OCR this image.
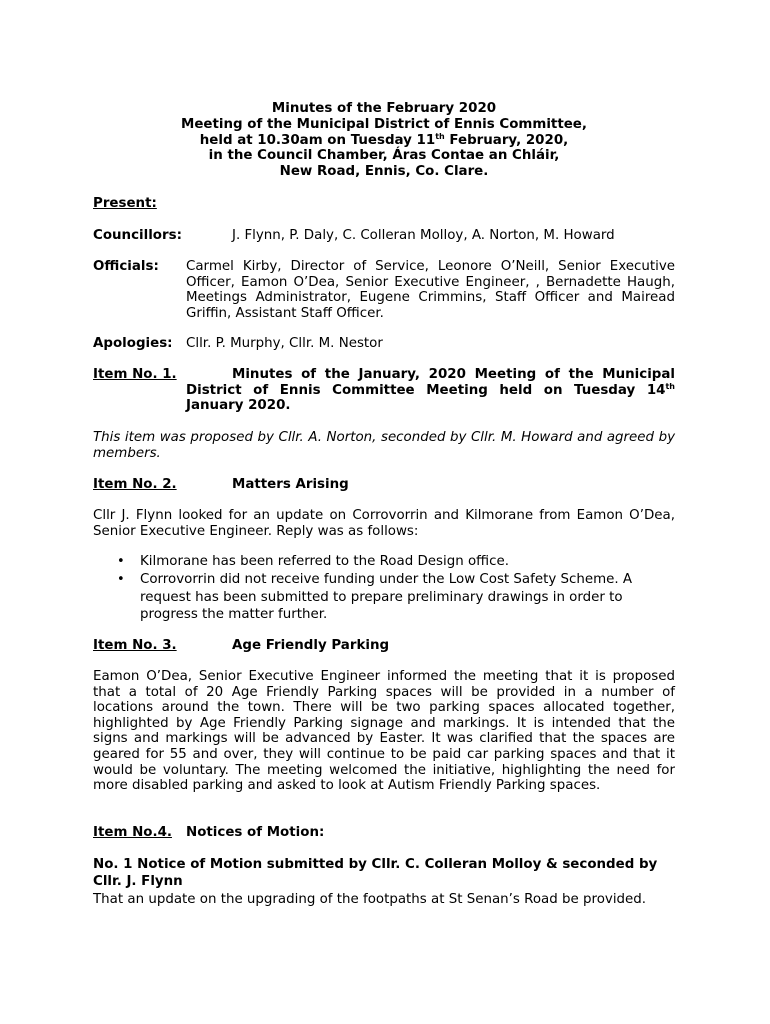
Minutes of the February 2020
Meeting of the Municipal District of Ennis Committee,
held at 10.30am on Tuesday 11th February, 2020,
in the Council Chamber, Áras Contae an Chláir,
New Road, Ennis, Co. Clare.
Present:
Councillors:	J. Flynn, P. Daly, C. Colleran Molloy, A. Norton, M. Howard
Officials:	Carmel Kirby, Director of Service, Leonore O’Neill, Senior Executive Officer, Eamon O’Dea, Senior Executive Engineer, , Bernadette Haugh, Meetings Administrator, Eugene Crimmins, Staff Officer and Mairead Griffin, Assistant Staff Officer.
Apologies:	Cllr. P. Murphy, Cllr. M. Nestor
Item No. 1.	Minutes of the January, 2020 Meeting of the Municipal District of Ennis Committee Meeting held on Tuesday 14th January 2020.
This item was proposed by Cllr. A. Norton, seconded by Cllr. M. Howard and agreed by members.
Item No. 2.	Matters Arising
Cllr J. Flynn looked for an update on Corrovorrin and Kilmorane from Eamon O’Dea, Senior Executive Engineer. Reply was as follows:
• Kilmorane has been referred to the Road Design office.
• Corrovorrin did not receive funding under the Low Cost Safety Scheme. A request has been submitted to prepare preliminary drawings in order to progress the matter further.
Item No. 3.	Age Friendly Parking
Eamon O’Dea, Senior Executive Engineer informed the meeting that it is proposed that a total of 20 Age Friendly Parking spaces will be provided in a number of locations around the town. There will be two parking spaces allocated together, highlighted by Age Friendly Parking signage and markings. It is intended that the signs and markings will be advanced by Easter. It was clarified that the spaces are geared for 55 and over, they will continue to be paid car parking spaces and that it would be voluntary. The meeting welcomed the initiative, highlighting the need for more disabled parking and asked to look at Autism Friendly Parking spaces.
Item No.4.	Notices of Motion:
No. 1 Notice of Motion submitted by Cllr. C. Colleran Molloy & seconded by Cllr. J. Flynn
That an update on the upgrading of the footpaths at St Senan’s Road be provided.
